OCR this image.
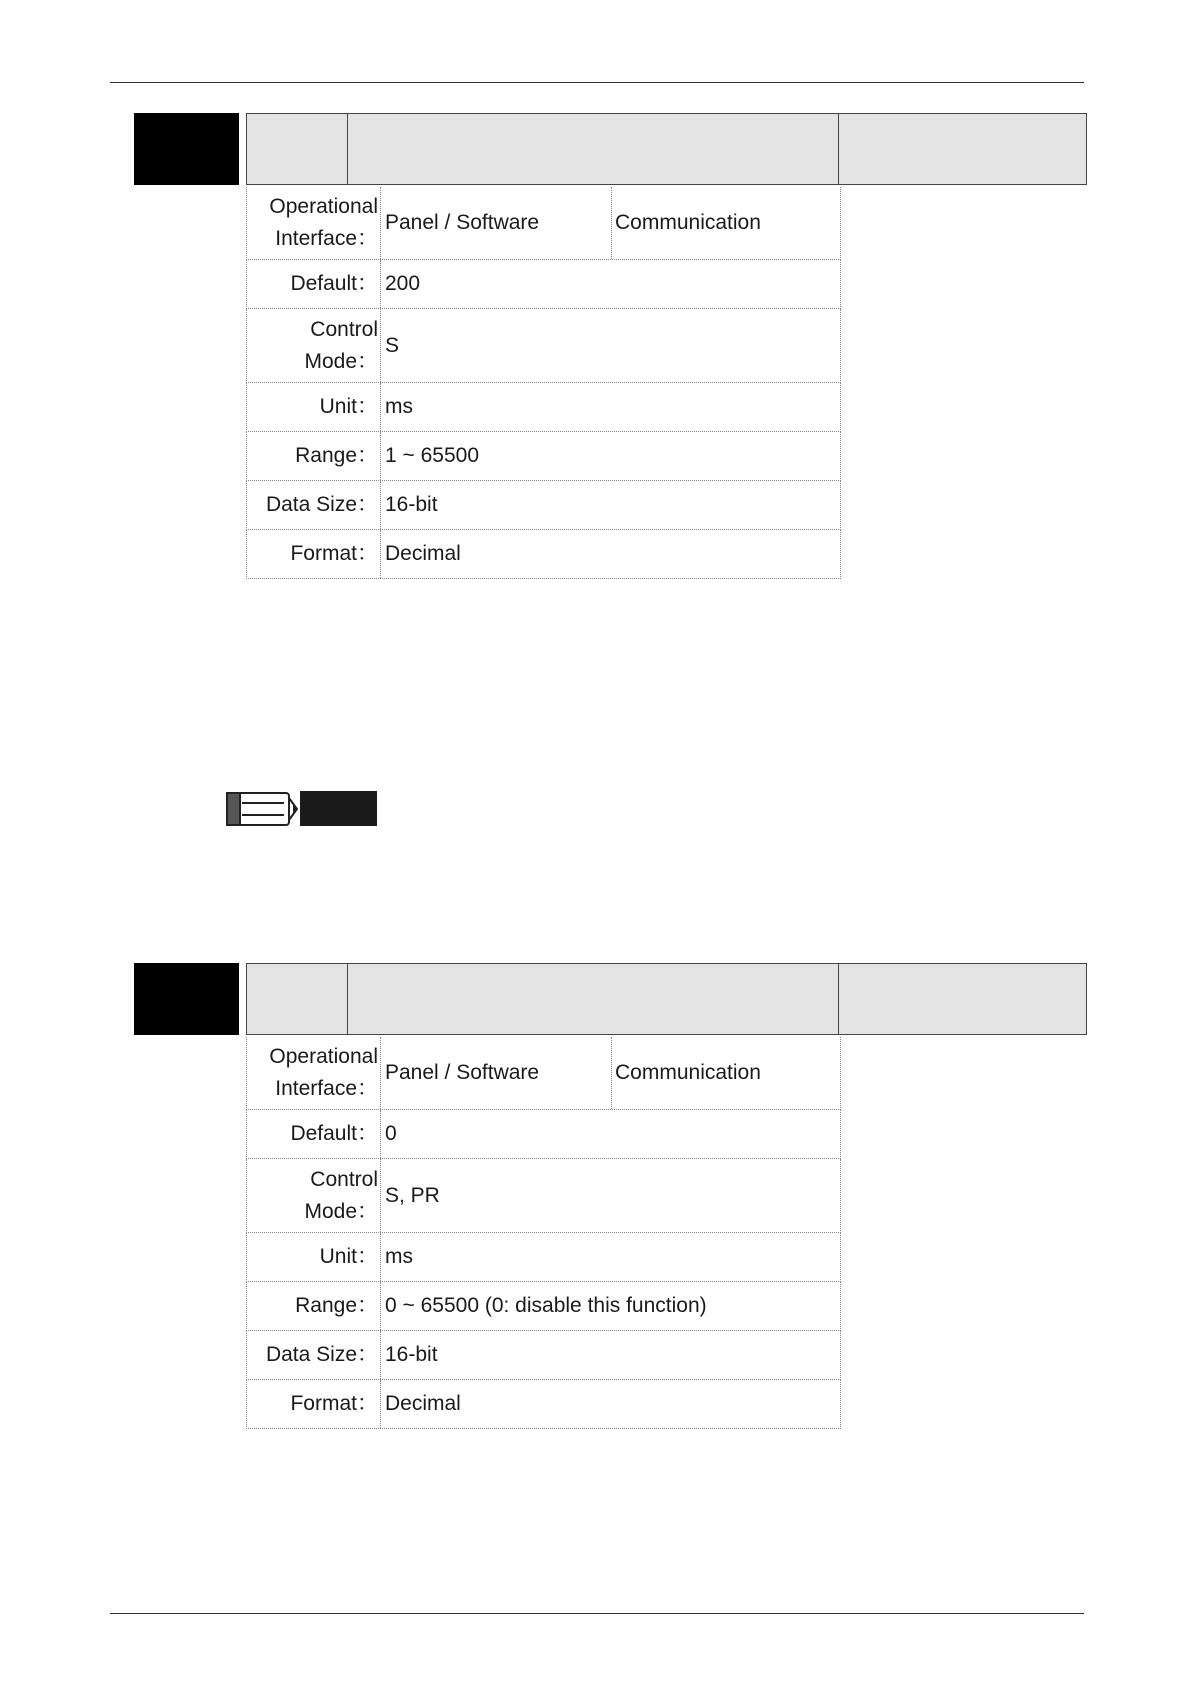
Operational Interface：
Panel / Software	Communication
Default： 200
Control Mode：
S
Unit： ms
Range： 1 ~ 65500
Data Size： 16-bit
Format： Decimal
Operational Interface：
Panel / Software	Communication
Default： 0
Control Mode：
S, PR
Unit： ms
Range： 0 ~ 65500 (0: disable this function)
Data Size： 16-bit
Format： Decimal
